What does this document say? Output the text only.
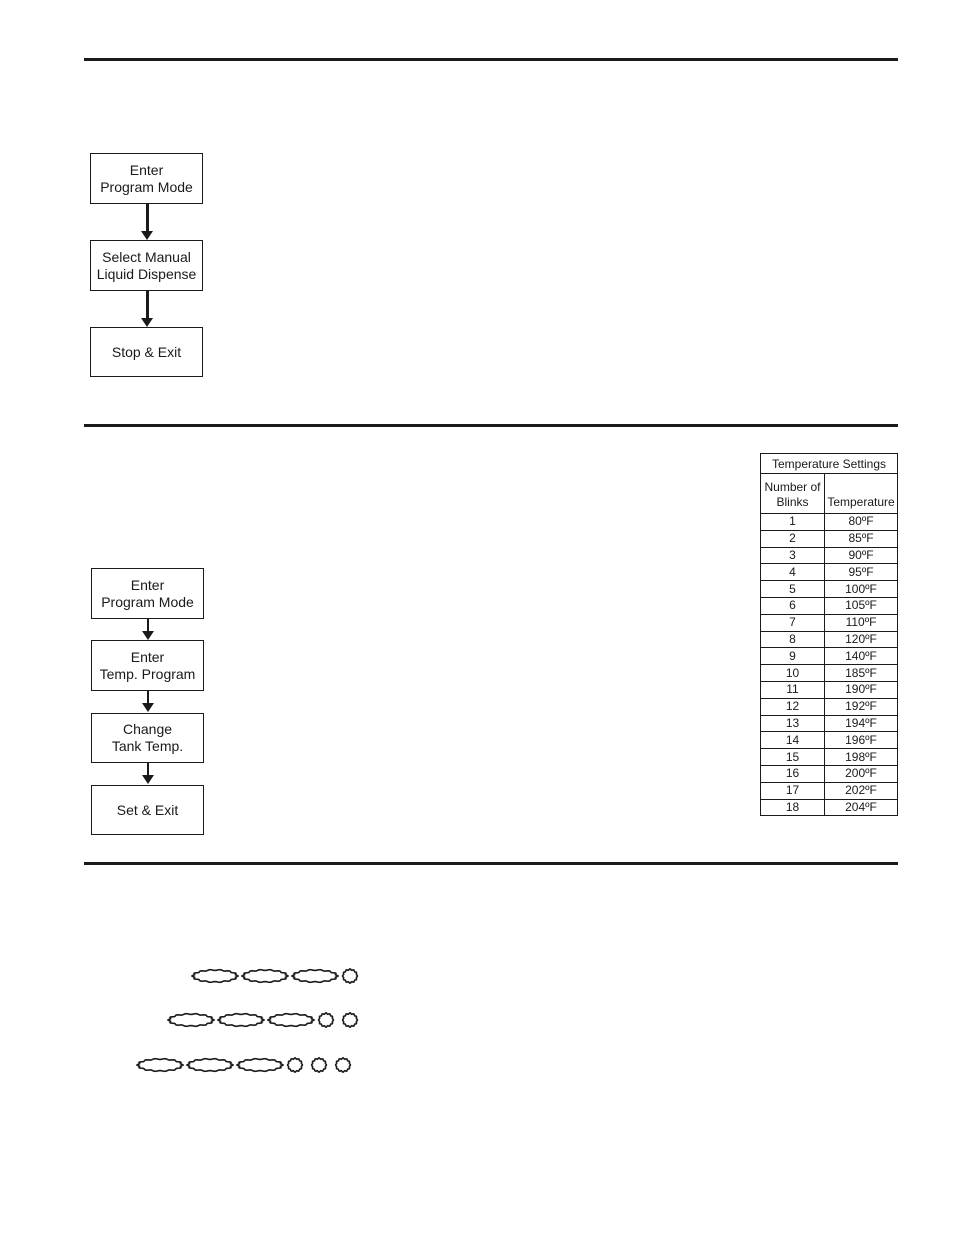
Enter
Program Mode
Select Manual
Liquid Dispense
Stop & Exit
Enter
Program Mode
Enter
Temp. Program
Change
Tank Temp.
Set & Exit
Temperature Settings	
Number of
Blinks	Temperature
1	80ºF
2	85ºF
3	90ºF
4	95ºF
5	100ºF
6	105ºF
7	110ºF
8	120ºF
9	140ºF
10	185ºF
11	190ºF
12	192ºF
13	194ºF
14	196ºF
15	198ºF
16	200ºF
17	202ºF
18	204ºF
